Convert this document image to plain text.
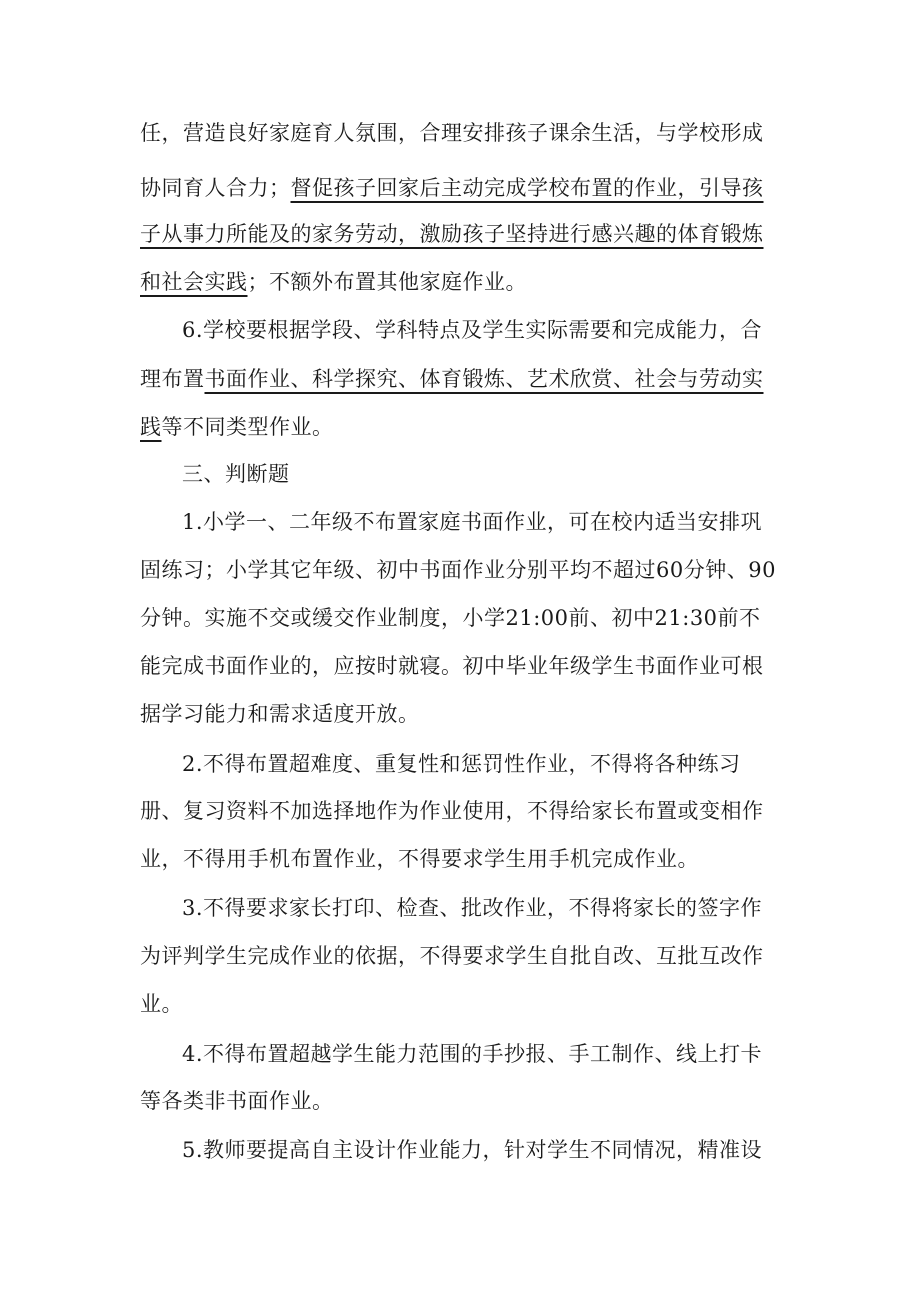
任，营造良好家庭育人氛围，合理安排孩子课余生活，与学校形成
协同育人合力；督促孩子回家后主动完成学校布置的作业，引导孩
子从事力所能及的家务劳动，激励孩子坚持进行感兴趣的体育锻炼
和社会实践；不额外布置其他家庭作业。
6.学校要根据学段、学科特点及学生实际需要和完成能力，合
理布置书面作业、科学探究、体育锻炼、艺术欣赏、社会与劳动实
践等不同类型作业。
三、判断题
1.小学一、二年级不布置家庭书面作业，可在校内适当安排巩
固练习；小学其它年级、初中书面作业分别平均不超过60分钟、90
分钟。实施不交或缓交作业制度，小学21:00前、初中21:30前不
能完成书面作业的，应按时就寝。初中毕业年级学生书面作业可根
据学习能力和需求适度开放。
2.不得布置超难度、重复性和惩罚性作业，不得将各种练习
册、复习资料不加选择地作为作业使用，不得给家长布置或变相作
业，不得用手机布置作业，不得要求学生用手机完成作业。
3.不得要求家长打印、检查、批改作业，不得将家长的签字作
为评判学生完成作业的依据，不得要求学生自批自改、互批互改作
业。
4.不得布置超越学生能力范围的手抄报、手工制作、线上打卡
等各类非书面作业。
5.教师要提高自主设计作业能力，针对学生不同情况，精准设
